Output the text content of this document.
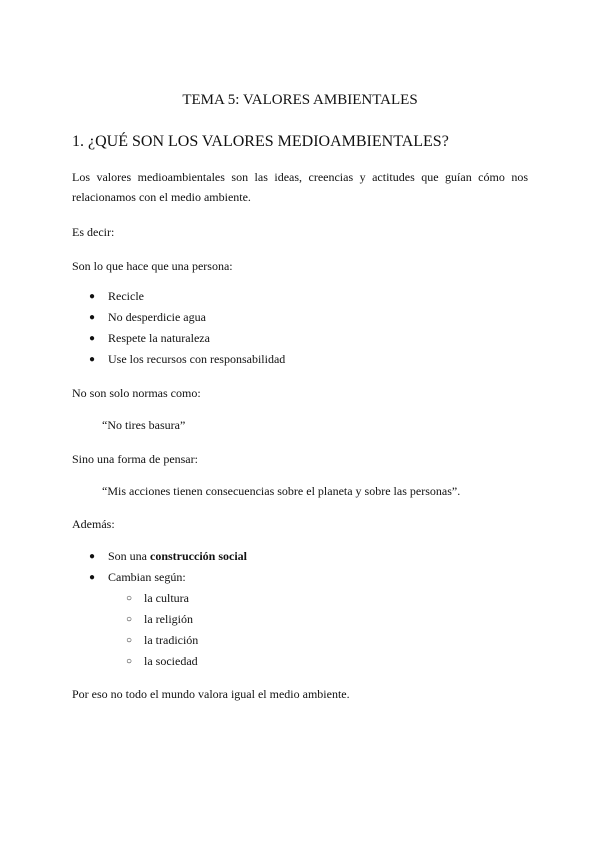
TEMA 5: VALORES AMBIENTALES
1. ¿QUÉ SON LOS VALORES MEDIOAMBIENTALES?

Los valores medioambientales son las ideas, creencias y actitudes que guían cómo nos relacionamos con el medio ambiente.

Es decir:

Son lo que hace que una persona:

● Recicle
● No desperdicie agua
● Respete la naturaleza
● Use los recursos con responsabilidad

No son solo normas como:

“No tires basura”

Sino una forma de pensar:

“Mis acciones tienen consecuencias sobre el planeta y sobre las personas”.

Además:

● Son una construcción social
● Cambian según:
○ la cultura
○ la religión
○ la tradición
○ la sociedad

Por eso no todo el mundo valora igual el medio ambiente.
